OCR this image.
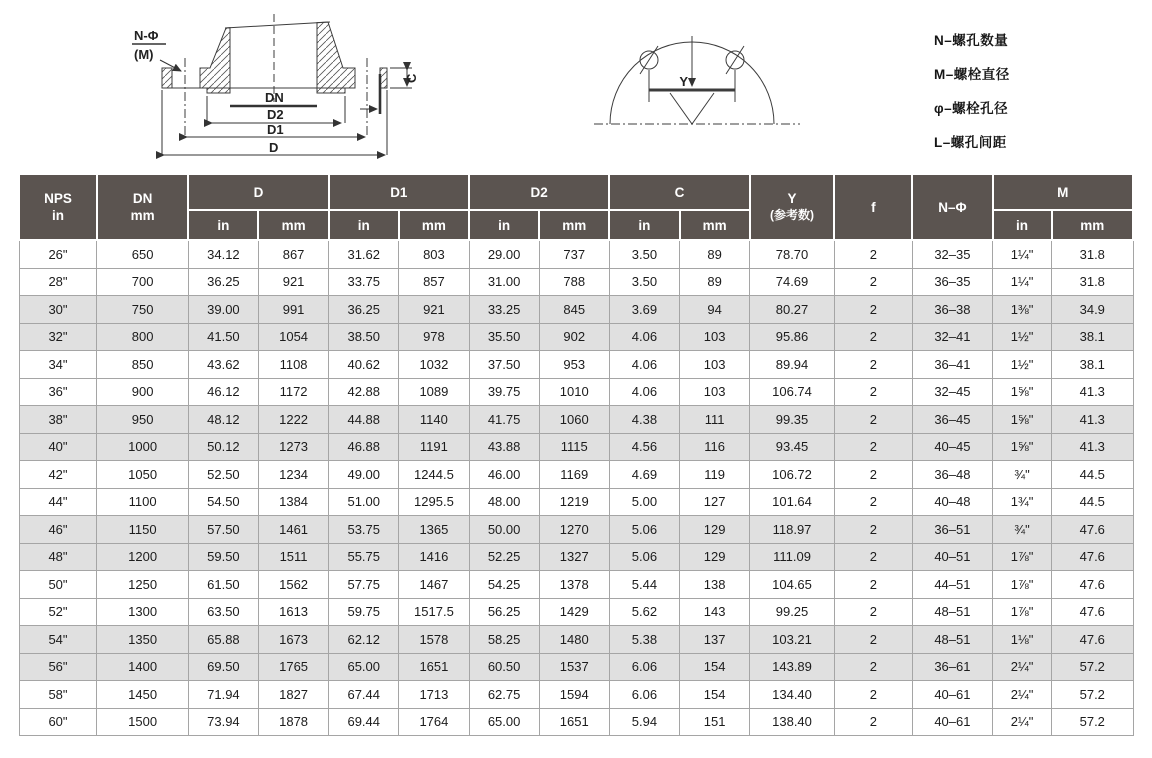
N-Φ
(M)
DN
D2
D1
D
C	Y
N–螺孔数量
M–螺栓直径
φ–螺栓孔径
L–螺孔间距
NPS
in

DN
mm
	D	D1	D2	C	Y
(参考数)
	f	N–Φ	M
		in	mm	in	mm	in	mm	in	mm				in	mm
26"	650	34.12	867	31.62	803	29.00	737	3.50	89	78.70	2	32–35	1¼"	31.8
28"	700	36.25	921	33.75	857	31.00	788	3.50	89	74.69	2	36–35	1¼"	31.8
30"	750	39.00	991	36.25	921	33.25	845	3.69	94	80.27	2	36–38	1⅜"	34.9
32"	800	41.50	1054	38.50	978	35.50	902	4.06	103	95.86	2	32–41	1½"	38.1
34"	850	43.62	1108	40.62	1032	37.50	953	4.06	103	89.94	2	36–41	1½"	38.1
36"	900	46.12	1172	42.88	1089	39.75	1010	4.06	103	106.74	2	32–45	1⅝"	41.3
38"	950	48.12	1222	44.88	1140	41.75	1060	4.38	111	99.35	2	36–45	1⅝"	41.3
40"	1000	50.12	1273	46.88	1191	43.88	1115	4.56	116	93.45	2	40–45	1⅝"	41.3
42"	1050	52.50	1234	49.00	1244.5	46.00	1169	4.69	119	106.72	2	36–48	¾"	44.5
44"	1100	54.50	1384	51.00	1295.5	48.00	1219	5.00	127	101.64	2	40–48	1¾"	44.5
46"	1150	57.50	1461	53.75	1365	50.00	1270	5.06	129	118.97	2	36–51	¾"	47.6
48"	1200	59.50	1511	55.75	1416	52.25	1327	5.06	129	111.09	2	40–51	1⅞"	47.6
50"	1250	61.50	1562	57.75	1467	54.25	1378	5.44	138	104.65	2	44–51	1⅞"	47.6
52"	1300	63.50	1613	59.75	1517.5	56.25	1429	5.62	143	99.25	2	48–51	1⅞"	47.6
54"	1350	65.88	1673	62.12	1578	58.25	1480	5.38	137	103.21	2	48–51	1⅛"	47.6
56"	1400	69.50	1765	65.00	1651	60.50	1537	6.06	154	143.89	2	36–61	2¼"	57.2
58"	1450	71.94	1827	67.44	1713	62.75	1594	6.06	154	134.40	2	40–61	2¼"	57.2
60"	1500	73.94	1878	69.44	1764	65.00	1651	5.94	151	138.40	2	40–61	2¼"	57.2
